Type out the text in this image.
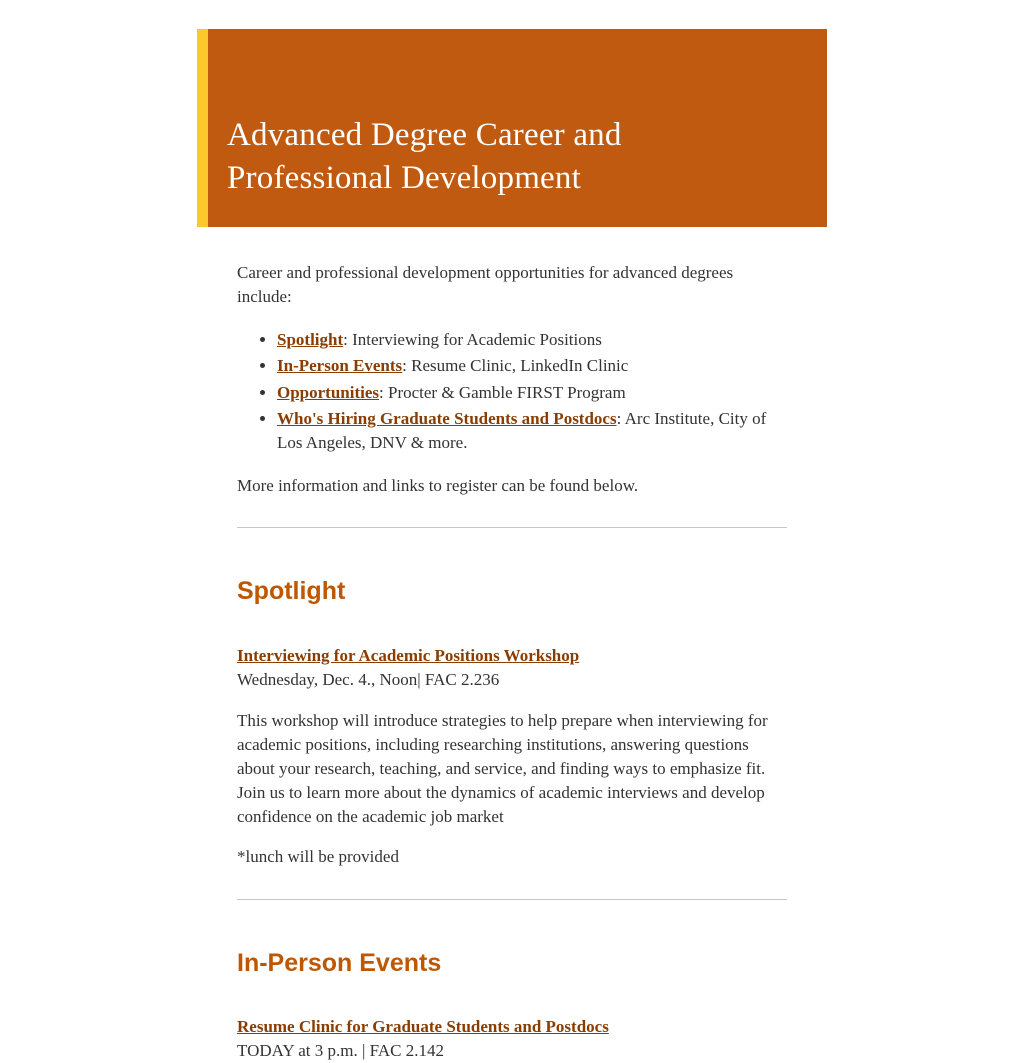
Advanced Degree Career and
Professional Development

Career and professional development opportunities for advanced degrees include:

• Spotlight: Interviewing for Academic Positions
• In-Person Events: Resume Clinic, LinkedIn Clinic
• Opportunities: Procter & Gamble FIRST Program
• Who's Hiring Graduate Students and Postdocs: Arc Institute, City of Los Angeles, DNV & more.

More information and links to register can be found below.

Spotlight

Interviewing for Academic Positions Workshop
Wednesday, Dec. 4., Noon| FAC 2.236

This workshop will introduce strategies to help prepare when interviewing for academic positions, including researching institutions, answering questions about your research, teaching, and service, and finding ways to emphasize fit. Join us to learn more about the dynamics of academic interviews and develop confidence on the academic job market

*lunch will be provided

In-Person Events

Resume Clinic for Graduate Students and Postdocs
TODAY at 3 p.m. | FAC 2.142
